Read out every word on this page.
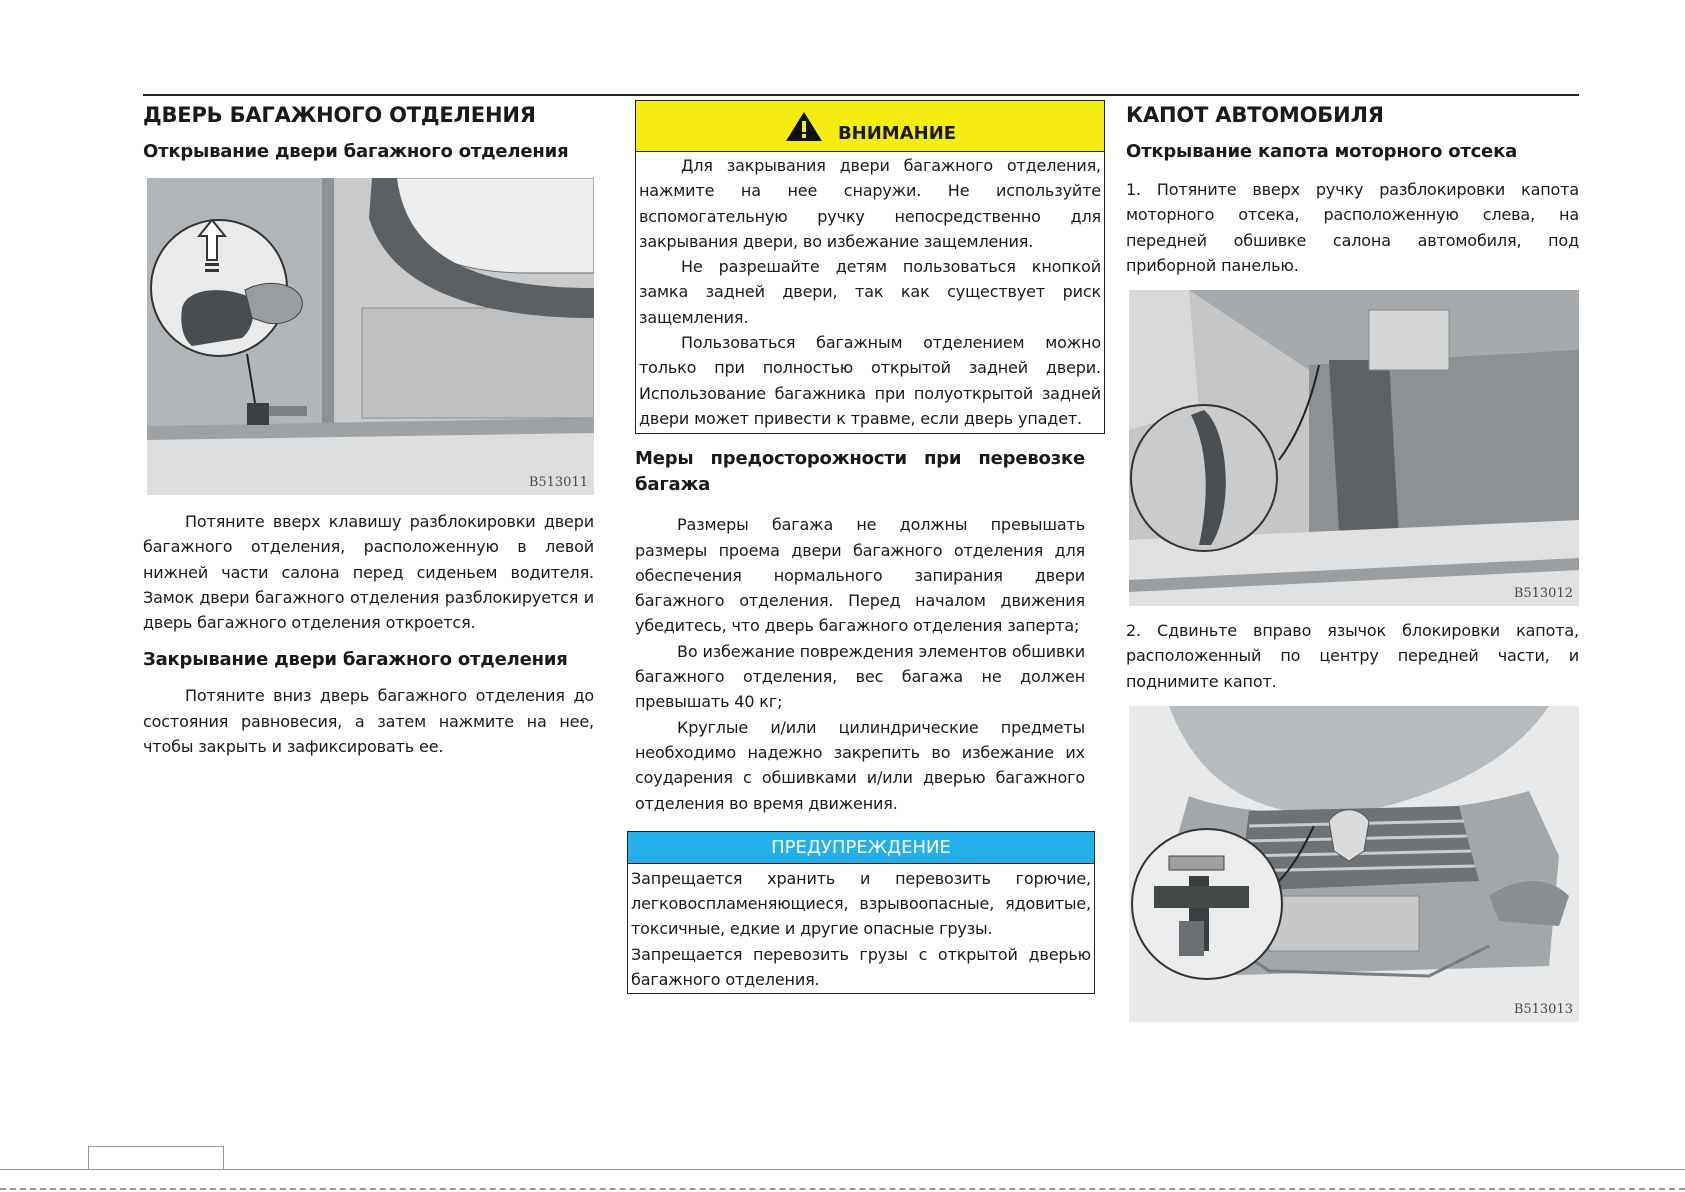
ДВЕРЬ БАГАЖНОГО ОТДЕЛЕНИЯ
Открывание двери багажного отделения
B513011

Потяните вверх клавишу разблокировки двери багажного отделения, расположенную в левой нижней части салона перед сиденьем водителя. Замок двери багажного отделения разблокируется и дверь багажного отделения откроется.

Закрывание двери багажного отделения

Потяните вниз дверь багажного отделения до состояния равновесия, а затем нажмите на нее, чтобы закрыть и зафиксировать ее.

ВНИМАНИЕ

Для закрывания двери багажного отделения, нажмите на нее снаружи. Не используйте вспомогательную ручку непосредственно для закрывания двери, во избежание защемления.

Не разрешайте детям пользоваться кнопкой замка задней двери, так как существует риск защемления.

Пользоваться багажным отделением можно только при полностью открытой задней двери. Использование багажника при полуоткрытой задней двери может привести к травме, если дверь упадет.

Меры предосторожности при перевозке багажа

Размеры багажа не должны превышать размеры проема двери багажного отделения для обеспечения нормального запирания двери багажного отделения. Перед началом движения убедитесь, что дверь багажного отделения заперта;

Во избежание повреждения элементов обшивки багажного отделения, вес багажа не должен превышать 40 кг;

Круглые и/или цилиндрические предметы необходимо надежно закрепить во избежание их соударения с обшивками и/или дверью багажного отделения во время движения.

ПРЕДУПРЕЖДЕНИЕ

Запрещается хранить и перевозить горючие, легковоспламеняющиеся, взрывоопасные, ядовитые, токсичные, едкие и другие опасные грузы.

Запрещается перевозить грузы с открытой дверью багажного отделения.

КАПОТ АВТОМОБИЛЯ
Открывание капота моторного отсека

1. Потяните вверх ручку разблокировки капота моторного отсека, расположенную слева, на передней обшивке салона автомобиля, под приборной панелью.

B513012

2. Сдвиньте вправо язычок блокировки капота, расположенный по центру передней части, и поднимите капот.

B513013
